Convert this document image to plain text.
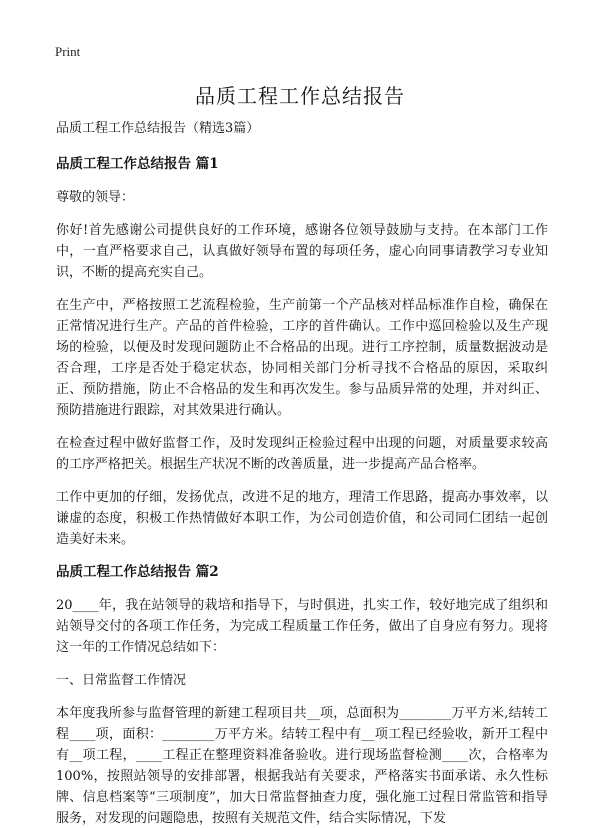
Print
品质工程工作总结报告

品质工程工作总结报告（精选3篇）

品质工程工作总结报告 篇1

尊敬的领导：

你好!首先感谢公司提供良好的工作环境，感谢各位领导鼓励与支持。在本部门工作中，一直严格要求自己，认真做好领导布置的每项任务，虚心向同事请教学习专业知识，不断的提高充实自己。

在生产中，严格按照工艺流程检验，生产前第一个产品核对样品标准作自检，确保在正常情况进行生产。产品的首件检验，工序的首件确认。工作中巡回检验以及生产现场的检验，以便及时发现问题防止不合格品的出现。进行工序控制，质量数据波动是否合理，工序是否处于稳定状态，协同相关部门分析寻找不合格品的原因，采取纠正、预防措施，防止不合格品的发生和再次发生。参与品质异常的处理，并对纠正、预防措施进行跟踪，对其效果进行确认。

在检查过程中做好监督工作，及时发现纠正检验过程中出现的问题，对质量要求较高的工序严格把关。根据生产状况不断的改善质量，进一步提高产品合格率。

工作中更加的仔细，发扬优点，改进不足的地方，理清工作思路，提高办事效率，以谦虚的态度，积极工作热情做好本职工作，为公司创造价值，和公司同仁团结一起创造美好未来。

品质工程工作总结报告 篇2

20____年，我在站领导的栽培和指导下，与时俱进，扎实工作，较好地完成了组织和站领导交付的各项工作任务，为完成工程质量工作任务，做出了自身应有努力。现将这一年的工作情况总结如下：

一、日常监督工作情况

本年度我所参与监督管理的新建工程项目共__项，总面积为________万平方米,结转工程____项，面积：________万平方米。结转工程中有__项工程已经验收，新开工程中有__项工程，____工程正在整理资料准备验收。进行现场监督检测____次，合格率为100%，按照站领导的安排部署，根据我站有关要求，严格落实书面承诺、永久性标牌、信息档案等“三项制度”，加大日常监督抽查力度，强化施工过程日常监管和指导服务，对发现的问题隐患，按照有关规范文件，结合实际情况，下发
